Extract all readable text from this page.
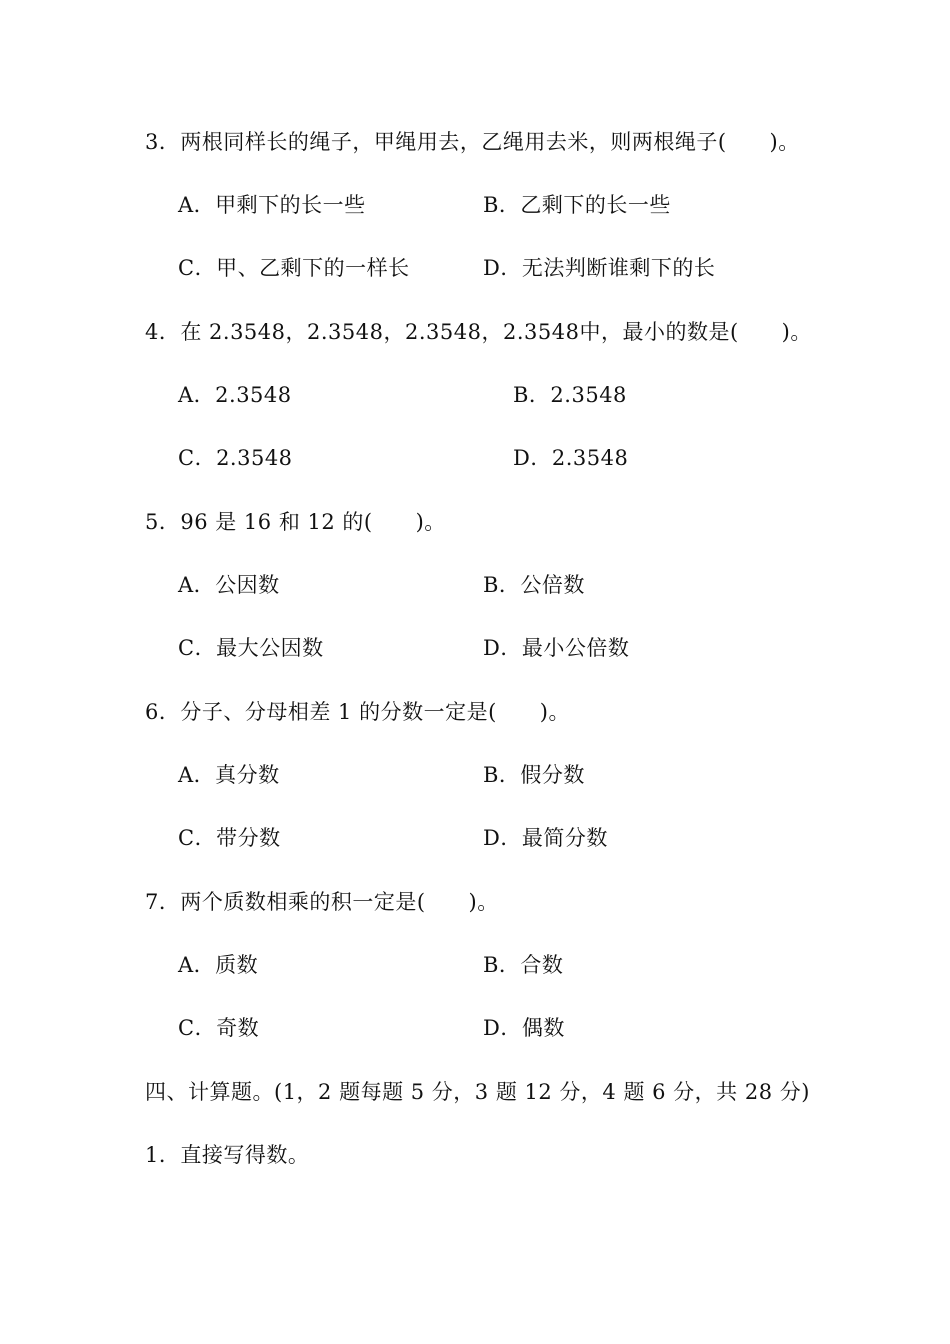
3．两根同样长的绳子，甲绳用去，乙绳用去米，则两根绳子(　　)。
A．甲剩下的长一些	B．乙剩下的长一些
C．甲、乙剩下的一样长	D．无法判断谁剩下的长
4．在 2.3548，2.3548，2.3548，2.3548中，最小的数是(　　)。
A．2.3548	B．2.3548
C．2.3548	D．2.3548
5．96 是 16 和 12 的(　　)。
A．公因数	B．公倍数
C．最大公因数	D．最小公倍数
6．分子、分母相差 1 的分数一定是(　　)。
A．真分数	B．假分数
C．带分数	D．最简分数
7．两个质数相乘的积一定是(　　)。
A．质数	B．合数
C．奇数	D．偶数
四、计算题。(1，2 题每题 5 分，3 题 12 分，4 题 6 分，共 28 分)
1．直接写得数。
